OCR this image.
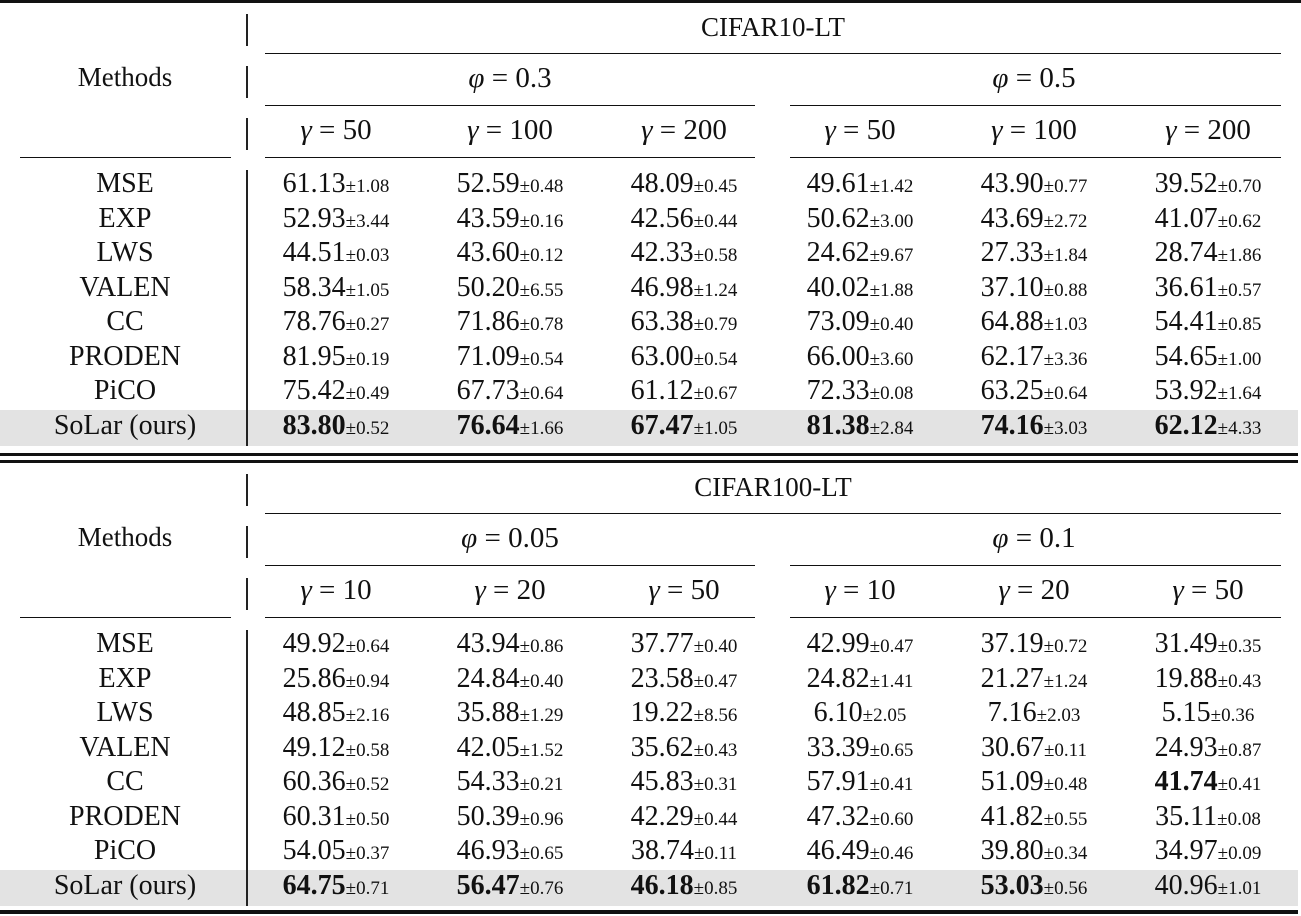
CIFAR10-LT
Methods	φ = 0.3	φ = 0.5
γ = 50	γ = 100	γ = 200	γ = 50	γ = 100	γ = 200
MSE	61.13±1.08 52.59±0.48 48.09±0.45 49.61±1.42 43.90±0.77 39.52±0.70
EXP	52.93±3.44 43.59±0.16 42.56±0.44 50.62±3.00 43.69±2.72 41.07±0.62
LWS	44.51±0.03 43.60±0.12 42.33±0.58 24.62±9.67 27.33±1.84 28.74±1.86
VALEN	58.34±1.05 50.20±6.55 46.98±1.24 40.02±1.88 37.10±0.88 36.61±0.57
CC	78.76±0.27 71.86±0.78 63.38±0.79 73.09±0.40 64.88±1.03 54.41±0.85
PRODEN	81.95±0.19 71.09±0.54 63.00±0.54 66.00±3.60 62.17±3.36 54.65±1.00
PiCO	75.42±0.49 67.73±0.64 61.12±0.67 72.33±0.08 63.25±0.64 53.92±1.64
SoLar (ours)	83.80±0.52 76.64±1.66 67.47±1.05 81.38±2.84 74.16±3.03 62.12±4.33
CIFAR100-LT
Methods	φ = 0.05	φ = 0.1
γ = 10	γ = 20	γ = 50	γ = 10	γ = 20	γ = 50
MSE	49.92±0.64 43.94±0.86 37.77±0.40 42.99±0.47 37.19±0.72 31.49±0.35
EXP	25.86±0.94 24.84±0.40 23.58±0.47 24.82±1.41 21.27±1.24 19.88±0.43
LWS	48.85±2.16 35.88±1.29 19.22±8.56	6.10±2.05	7.16±2.03	5.15±0.36
VALEN	49.12±0.58 42.05±1.52 35.62±0.43 33.39±0.65 30.67±0.11 24.93±0.87
CC	60.36±0.52 54.33±0.21 45.83±0.31 57.91±0.41 51.09±0.48 41.74±0.41
PRODEN	60.31±0.50 50.39±0.96 42.29±0.44 47.32±0.60 41.82±0.55 35.11±0.08
PiCO	54.05±0.37 46.93±0.65 38.74±0.11 46.49±0.46 39.80±0.34 34.97±0.09
SoLar (ours)	64.75±0.71 56.47±0.76 46.18±0.85 61.82±0.71 53.03±0.56 40.96±1.01
